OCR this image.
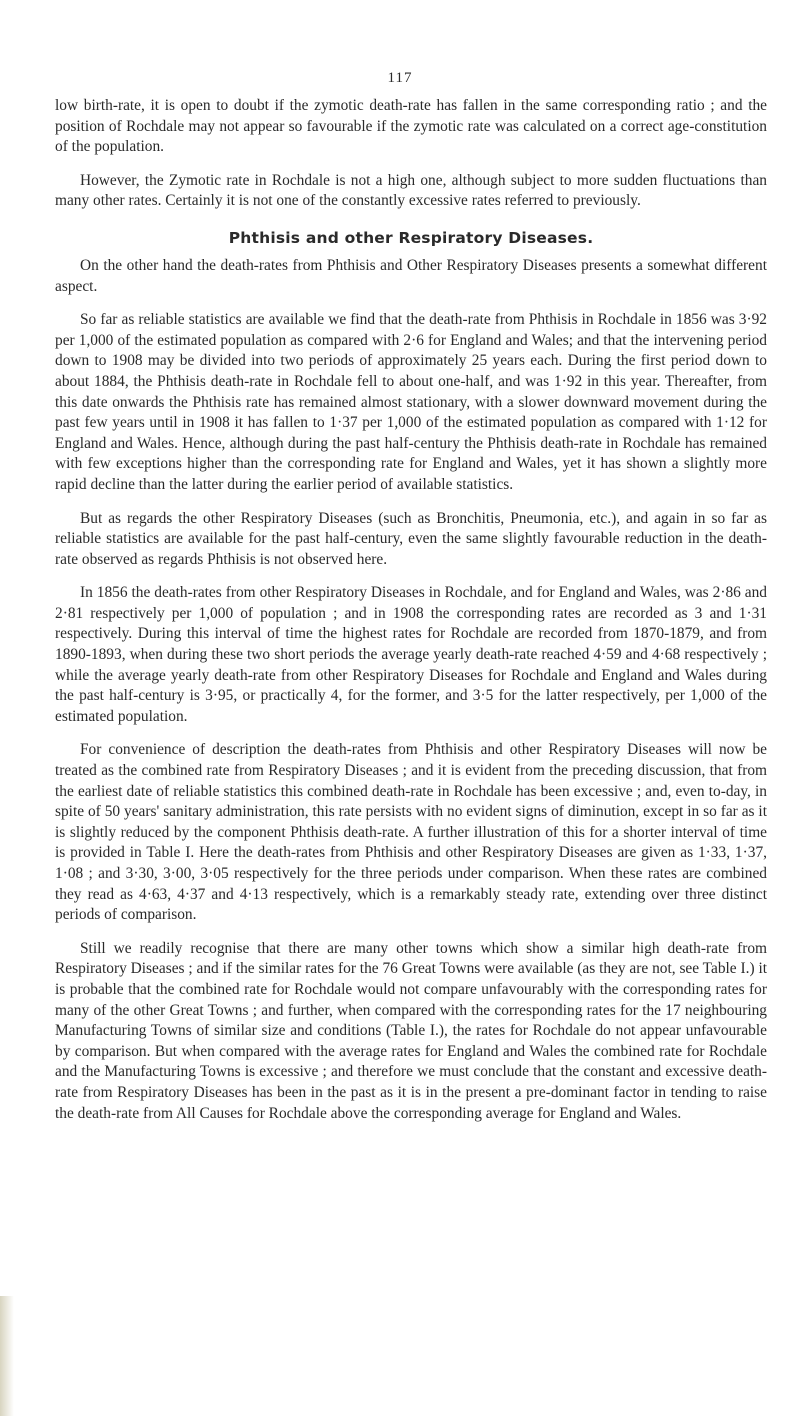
117

low birth-rate, it is open to doubt if the zymotic death-rate has fallen in the same corresponding ratio ; and the position of Rochdale may not appear so favourable if the zymotic rate was calculated on a correct age-constitution of the population.

However, the Zymotic rate in Rochdale is not a high one, although subject to more sudden fluctuations than many other rates. Certainly it is not one of the constantly excessive rates referred to previously.

Phthisis and other Respiratory Diseases.

On the other hand the death-rates from Phthisis and Other Respiratory Diseases presents a somewhat different aspect.

So far as reliable statistics are available we find that the death-rate from Phthisis in Rochdale in 1856 was 3·92 per 1,000 of the estimated population as compared with 2·6 for England and Wales; and that the intervening period down to 1908 may be divided into two periods of approximately 25 years each. During the first period down to about 1884, the Phthisis death-rate in Rochdale fell to about one-half, and was 1·92 in this year. Thereafter, from this date onwards the Phthisis rate has remained almost stationary, with a slower downward movement during the past few years until in 1908 it has fallen to 1·37 per 1,000 of the estimated population as compared with 1·12 for England and Wales. Hence, although during the past half-century the Phthisis death-rate in Rochdale has remained with few exceptions higher than the corresponding rate for England and Wales, yet it has shown a slightly more rapid decline than the latter during the earlier period of available statistics.

But as regards the other Respiratory Diseases (such as Bronchitis, Pneumonia, etc.), and again in so far as reliable statistics are available for the past half-century, even the same slightly favourable reduction in the death-rate observed as regards Phthisis is not observed here.

In 1856 the death-rates from other Respiratory Diseases in Rochdale, and for England and Wales, was 2·86 and 2·81 respectively per 1,000 of population ; and in 1908 the corresponding rates are recorded as 3 and 1·31 respectively. During this interval of time the highest rates for Rochdale are recorded from 1870-1879, and from 1890-1893, when during these two short periods the average yearly death-rate reached 4·59 and 4·68 respectively ; while the average yearly death-rate from other Respiratory Diseases for Rochdale and England and Wales during the past half-century is 3·95, or practically 4, for the former, and 3·5 for the latter respectively, per 1,000 of the estimated population.

For convenience of description the death-rates from Phthisis and other Respiratory Diseases will now be treated as the combined rate from Respiratory Diseases ; and it is evident from the preceding discussion, that from the earliest date of reliable statistics this combined death-rate in Rochdale has been excessive ; and, even to-day, in spite of 50 years' sanitary administration, this rate persists with no evident signs of diminution, except in so far as it is slightly reduced by the component Phthisis death-rate. A further illustration of this for a shorter interval of time is provided in Table I. Here the death-rates from Phthisis and other Respiratory Diseases are given as 1·33, 1·37, 1·08 ; and 3·30, 3·00, 3·05 respectively for the three periods under comparison. When these rates are combined they read as 4·63, 4·37 and 4·13 respectively, which is a remarkably steady rate, extending over three distinct periods of comparison.

Still we readily recognise that there are many other towns which show a similar high death-rate from Respiratory Diseases ; and if the similar rates for the 76 Great Towns were available (as they are not, see Table I.) it is probable that the combined rate for Rochdale would not compare unfavourably with the corresponding rates for many of the other Great Towns ; and further, when compared with the corresponding rates for the 17 neighbouring Manufacturing Towns of similar size and conditions (Table I.), the rates for Rochdale do not appear unfavourable by comparison. But when compared with the average rates for England and Wales the combined rate for Rochdale and the Manufacturing Towns is excessive ; and therefore we must conclude that the constant and excessive death-rate from Respiratory Diseases has been in the past as it is in the present a pre-dominant factor in tending to raise the death-rate from All Causes for Rochdale above the corresponding average for England and Wales.
